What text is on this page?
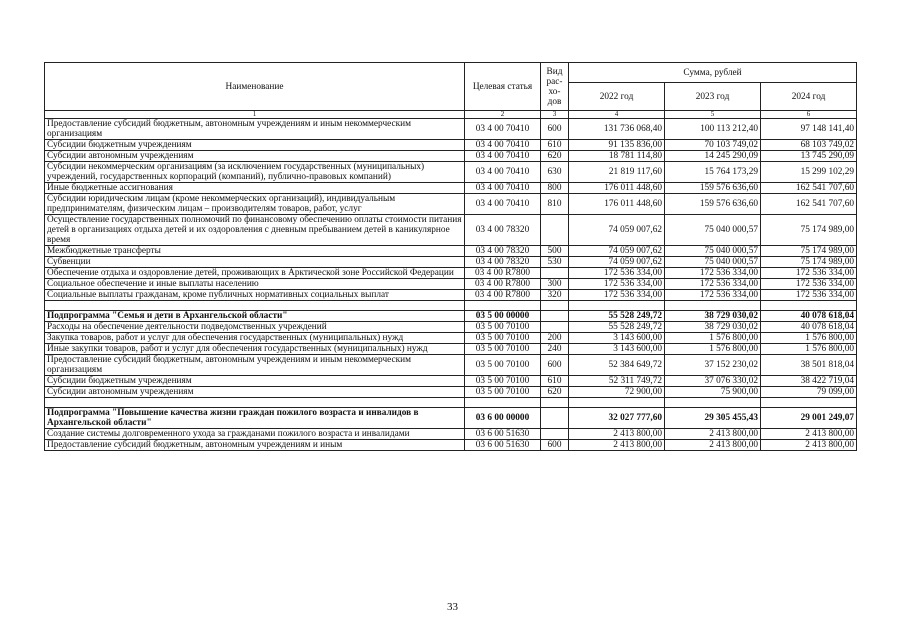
Наименование	Целевая статья	Вид рас- хо- дов	Сумма, рублей		
			2022 год	2023 год	2024 год
1	2	3	4	5	6
Предоставление субсидий бюджетным, автономным учреждениям и иным некоммерческим организациям	03 4 00 70410	600	131 736 068,40	100 113 212,40	97 148 141,40
Субсидии бюджетным учреждениям	03 4 00 70410	610	91 135 836,00	70 103 749,02	68 103 749,02
Субсидии автономным учреждениям	03 4 00 70410	620	18 781 114,80	14 245 290,09	13 745 290,09
Субсидии некоммерческим организациям (за исключением государственных (муниципальных) учреждений, государственных корпораций (компаний), публично-правовых компаний)	03 4 00 70410	630	21 819 117,60	15 764 173,29	15 299 102,29
Иные бюджетные ассигнования	03 4 00 70410	800	176 011 448,60	159 576 636,60	162 541 707,60
Субсидии юридическим лицам (кроме некоммерческих организаций), индивидуальным предпринимателям, физическим лицам – производителям товаров, работ, услуг	03 4 00 70410	810	176 011 448,60	159 576 636,60	162 541 707,60
Осуществление государственных полномочий по финансовому обеспечению оплаты стоимости питания детей в организациях отдыха детей и их оздоровления с дневным пребыванием детей в каникулярное время	03 4 00 78320		74 059 007,62	75 040 000,57	75 174 989,00
Межбюджетные трансферты	03 4 00 78320	500	74 059 007,62	75 040 000,57	75 174 989,00
Субвенции	03 4 00 78320	530	74 059 007,62	75 040 000,57	75 174 989,00
Обеспечение отдыха и оздоровление детей, проживающих в Арктической зоне Российской Федерации	03 4 00 R7800		172 536 334,00	172 536 334,00	172 536 334,00
Социальное обеспечение и иные выплаты населению	03 4 00 R7800	300	172 536 334,00	172 536 334,00	172 536 334,00
Социальные выплаты гражданам, кроме публичных нормативных социальных выплат	03 4 00 R7800	320	172 536 334,00	172 536 334,00	172 536 334,00

Подпрограмма "Семья и дети в Архангельской области"	03 5 00 00000		55 528 249,72	38 729 030,02	40 078 618,04
Расходы на обеспечение деятельности подведомственных учреждений	03 5 00 70100		55 528 249,72	38 729 030,02	40 078 618,04
Закупка товаров, работ и услуг для обеспечения государственных (муниципальных) нужд	03 5 00 70100	200	3 143 600,00	1 576 800,00	1 576 800,00
Иные закупки товаров, работ и услуг для обеспечения государственных (муниципальных) нужд	03 5 00 70100	240	3 143 600,00	1 576 800,00	1 576 800,00
Предоставление субсидий бюджетным, автономным учреждениям и иным некоммерческим организациям	03 5 00 70100	600	52 384 649,72	37 152 230,02	38 501 818,04
Субсидии бюджетным учреждениям	03 5 00 70100	610	52 311 749,72	37 076 330,02	38 422 719,04
Субсидии автономным учреждениям	03 5 00 70100	620	72 900,00	75 900,00	79 099,00

Подпрограмма "Повышение качества жизни граждан пожилого возраста и инвалидов в Архангельской области"	03 6 00 00000		32 027 777,60	29 305 455,43	29 001 249,07
Создание системы долговременного ухода за гражданами пожилого возраста и инвалидами	03 6 00 51630		2 413 800,00	2 413 800,00	2 413 800,00
Предоставление субсидий бюджетным, автономным учреждениям и иным	03 6 00 51630	600	2 413 800,00	2 413 800,00	2 413 800,00
33
